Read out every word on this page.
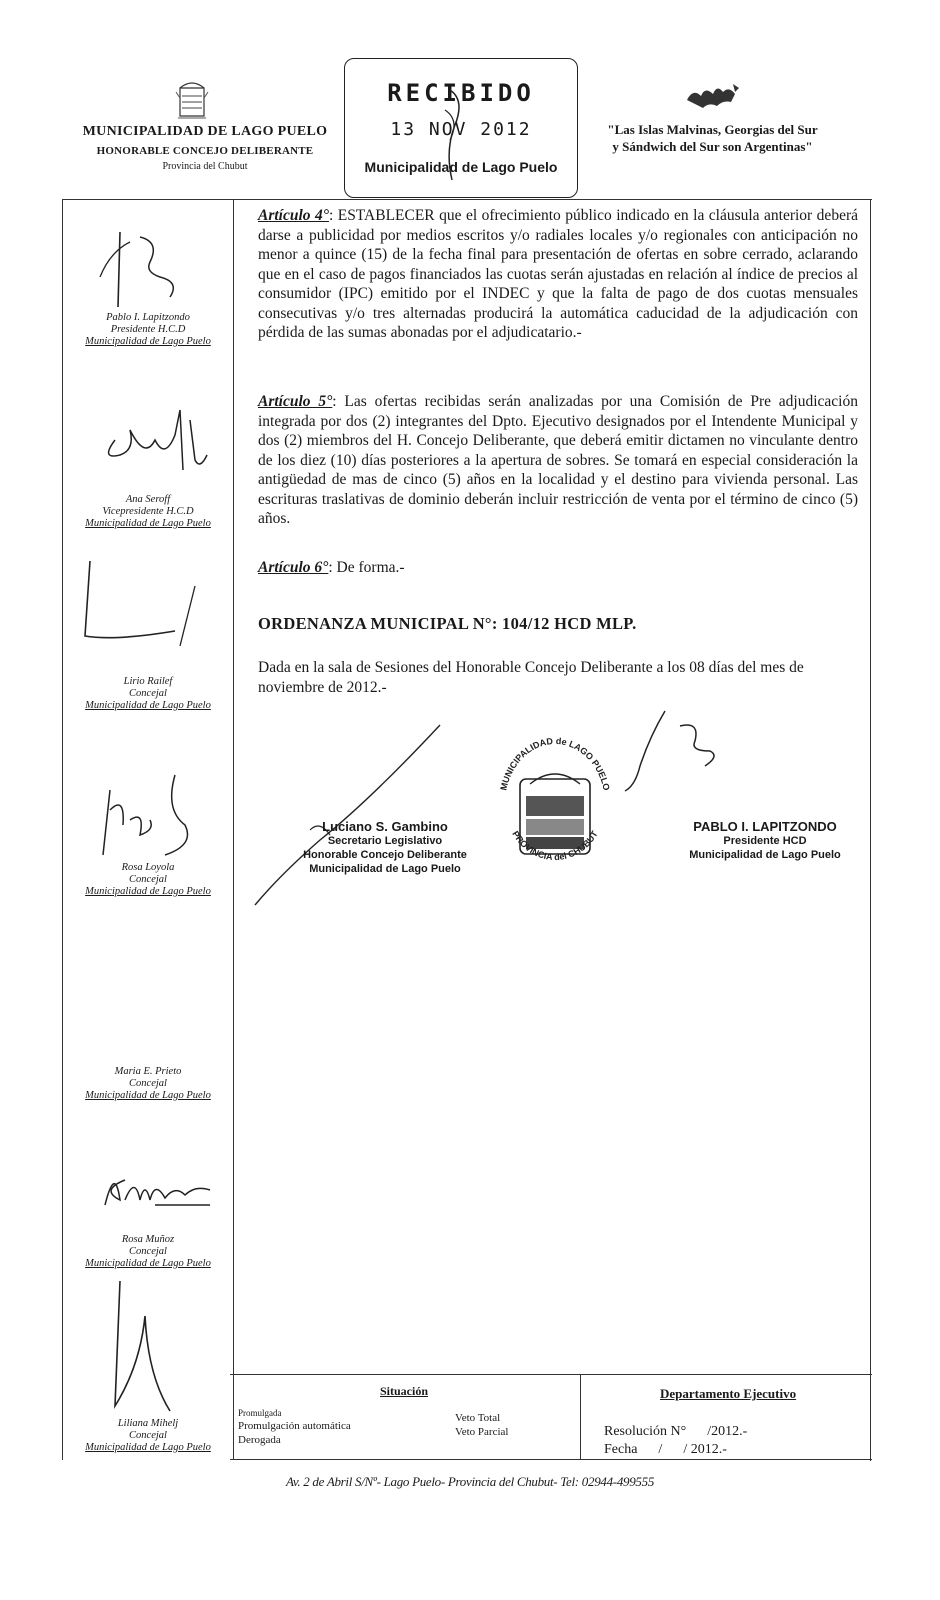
MUNICIPALIDAD DE LAGO PUELO
HONORABLE CONCEJO DELIBERANTE
Provincia del Chubut
RECIBIDO
13 NOV 2012
Municipalidad de Lago Puelo
"Las Islas Malvinas, Georgias del Sur
y Sándwich del Sur son Argentinas"
Pablo I. Lapitzondo
Presidente H.C.D
Municipalidad de Lago Puelo
Ana Seroff
Vicepresidente H.C.D
Municipalidad de Lago Puelo
Lirio Railef
Concejal
Municipalidad de Lago Puelo
Rosa Loyola
Concejal
Municipalidad de Lago Puelo
Maria E. Prieto
Concejal
Municipalidad de Lago Puelo
Rosa Muñoz
Concejal
Municipalidad de Lago Puelo
Liliana Mihelj
Concejal
Municipalidad de Lago Puelo

Artículo 4°: ESTABLECER que el ofrecimiento público indicado en la cláusula anterior deberá darse a publicidad por medios escritos y/o radiales locales y/o regionales con anticipación no menor a quince (15) de la fecha final para presentación de ofertas en sobre cerrado, aclarando que en el caso de pagos financiados las cuotas serán ajustadas en relación al índice de precios al consumidor (IPC) emitido por el INDEC y que la falta de pago de dos cuotas mensuales consecutivas y/o tres alternadas producirá la automática caducidad de la adjudicación con pérdida de las sumas abonadas por el adjudicatario.-

Artículo 5°: Las ofertas recibidas serán analizadas por una Comisión de Pre adjudicación integrada por dos (2) integrantes del Dpto. Ejecutivo designados por el Intendente Municipal y dos (2) miembros del H. Concejo Deliberante, que deberá emitir dictamen no vinculante dentro de los diez (10) días posteriores a la apertura de sobres. Se tomará en especial consideración la antigüedad de mas de cinco (5) años en la localidad y el destino para vivienda personal. Las escrituras traslativas de dominio deberán incluir restricción de venta por el término de cinco (5) años.

Artículo 6°: De forma.-

ORDENANZA MUNICIPAL N°: 104/12 HCD MLP.

Dada en la sala de Sesiones del Honorable Concejo Deliberante a los 08 días del mes de noviembre de 2012.-

Luciano S. Gambino
Secretario Legislativo
Honorable Concejo Deliberante
Municipalidad de Lago Puelo
MUNICIPALIDAD de LAGO PUELO
PROVINCIA del CHUBUT
PABLO I. LAPITZONDO
Presidente HCD
Municipalidad de Lago Puelo
Situación
Promulgada
Promulgación automática
Derogada
Veto Total
Veto Parcial
Departamento Ejecutivo
Resolución N°      /2012.-
Fecha      /      / 2012.-
Av. 2 de Abril S/Nº- Lago Puelo- Provincia del Chubut- Tel: 02944-499555
